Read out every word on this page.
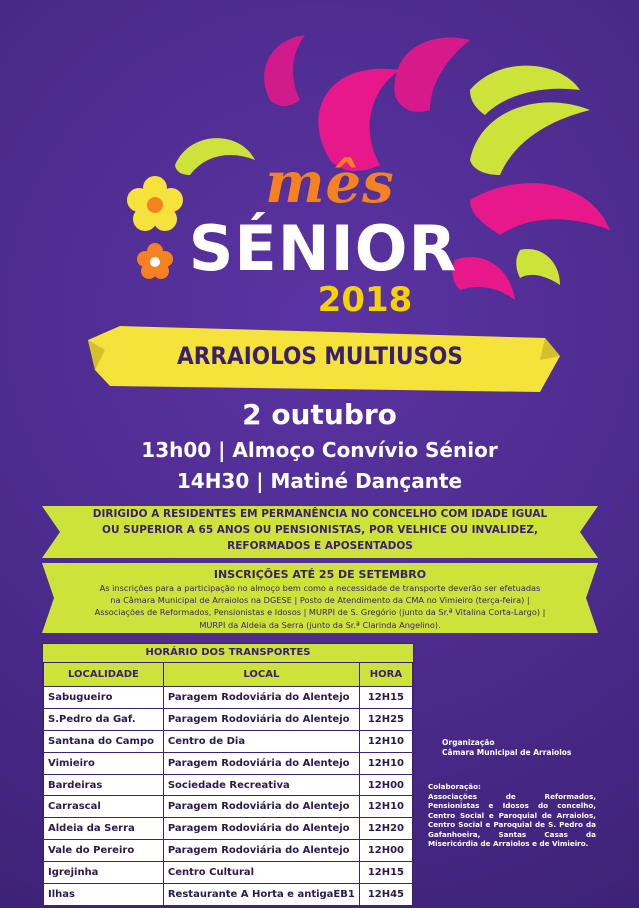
mês
SÉNIOR
2018
ARRAIOLOS MULTIUSOS
2 outubro
13h00 | Almoço Convívio Sénior
14H30 | Matiné Dançante
DIRIGIDO A RESIDENTES EM PERMANÊNCIA NO CONCELHO COM IDADE IGUAL
OU SUPERIOR A 65 ANOS OU PENSIONISTAS, POR VELHICE OU INVALIDEZ,
REFORMADOS E APOSENTADOS
INSCRIÇÕES ATÉ 25 DE SETEMBRO
As inscrições para a participação no almoço bem como a necessidade de transporte deverão ser efetuadas
na Câmara Municipal de Arraiolos na DGESE | Posto de Atendimento da CMA no Vimieiro (terça-feira) |
Associações de Reformados, Pensionistas e Idosos | MURPI de S. Gregório (junto da Sr.ª Vitalina Corta-Largo) |
MURPI da Aldeia da Serra (junto da Sr.ª Clarinda Angelino).
HORÁRIO DOS TRANSPORTES
LOCALIDADE	LOCAL	HORA
Sabugueiro	Paragem Rodoviária do Alentejo	12H15
S.Pedro da Gaf.	Paragem Rodoviária do Alentejo	12H25
Santana do Campo	Centro de Dia	12H10
Vimieiro	Paragem Rodoviária do Alentejo	12H10
Bardeiras	Sociedade Recreativa	12H00
Carrascal	Paragem Rodoviária do Alentejo	12H10
Aldeia da Serra	Paragem Rodoviária do Alentejo	12H20
Vale do Pereiro	Paragem Rodoviária do Alentejo	12H00
Igrejinha	Centro Cultural	12H15
Ilhas	Restaurante A Horta e antigaEB1	12H45
Organização
Câmara Municipal de Arraiolos
Colaboração:
Associações de Reformados, Pensionistas e Idosos do concelho, Centro Social e Paroquial de Arraiolos, Centro Social e Paroquial de S. Pedro da Gafanhoeira, Santas Casas da Misericórdia de Arraiolos e de Vimieiro.
